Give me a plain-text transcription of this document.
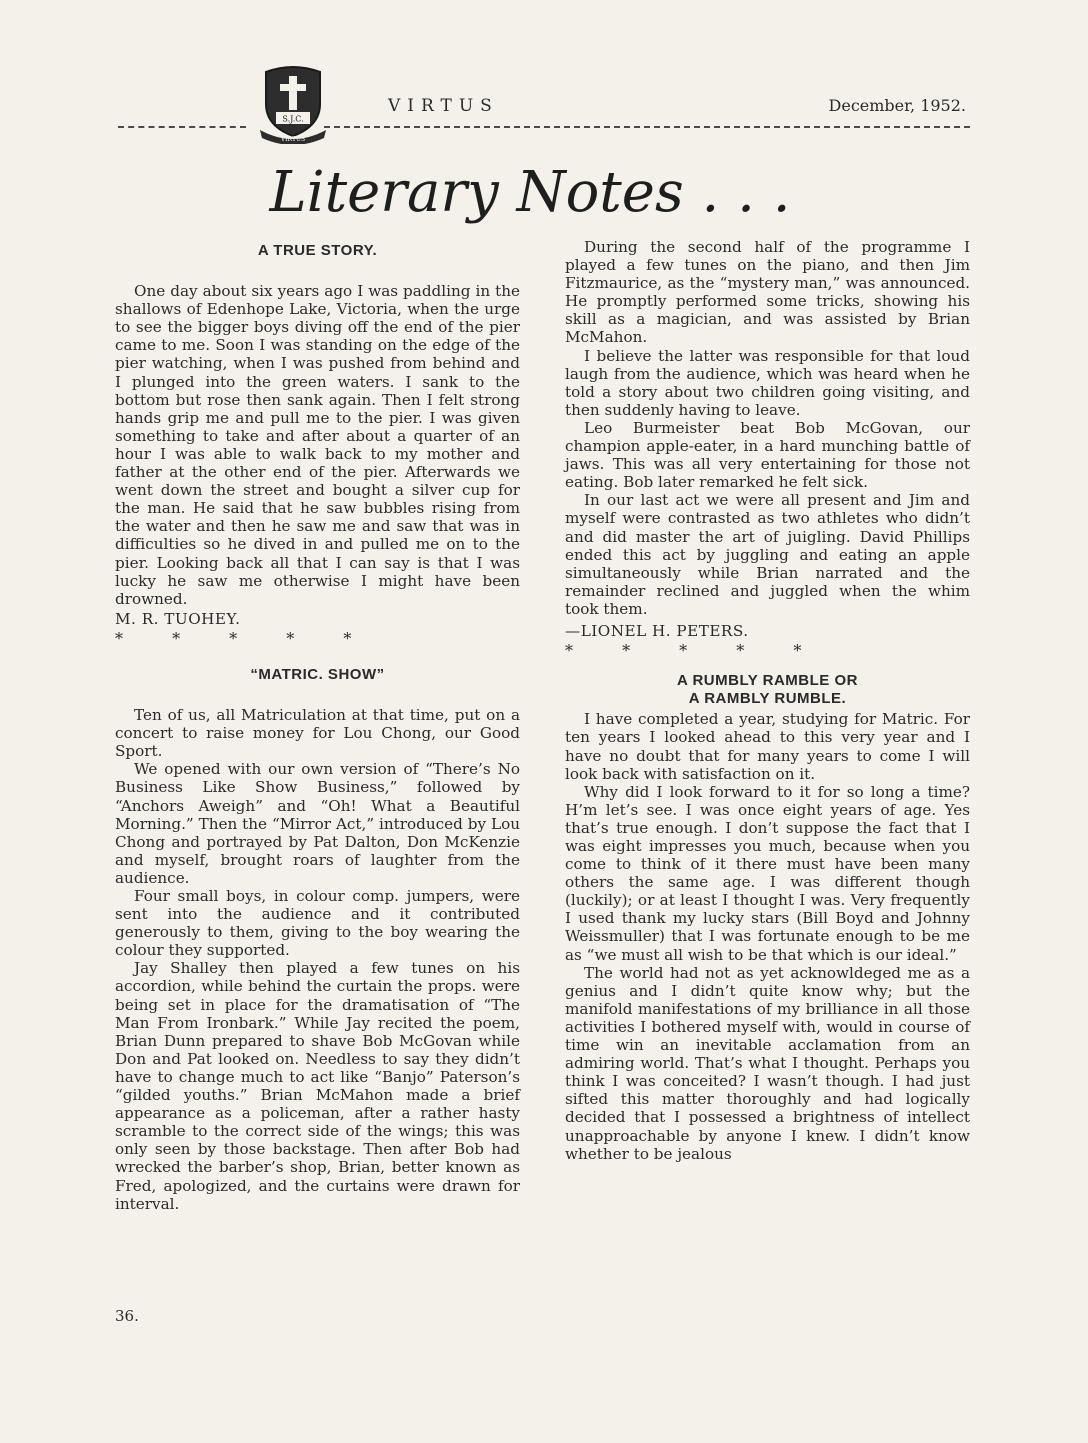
S.J.C.
VIRTUS
VIRTUS	December, 1952.
Literary Notes . . .
A TRUE STORY.

One day about six years ago I was paddling in the shallows of Edenhope Lake, Victoria, when the urge to see the bigger boys diving off the end of the pier came to me. Soon I was standing on the edge of the pier watching, when I was pushed from behind and I plunged into the green waters. I sank to the bottom but rose then sank again. Then I felt strong hands grip me and pull me to the pier. I was given something to take and after about a quarter of an hour I was able to walk back to my mother and father at the other end of the pier. Afterwards we went down the street and bought a silver cup for the man. He said that he saw bubbles rising from the water and then he saw me and saw that was in difficulties so he dived in and pulled me on to the pier. Looking back all that I can say is that I was lucky he saw me otherwise I might have been drowned.

M. R. TUOHEY.

* * * * *

“MATRIC. SHOW”

Ten of us, all Matriculation at that time, put on a concert to raise money for Lou Chong, our Good Sport.

We opened with our own version of “There’s No Business Like Show Business,” followed by “Anchors Aweigh” and “Oh! What a Beautiful Morning.” Then the “Mirror Act,” introduced by Lou Chong and portrayed by Pat Dalton, Don McKenzie and myself, brought roars of laughter from the audience.

Four small boys, in colour comp. jumpers, were sent into the audience and it contributed generously to them, giving to the boy wearing the colour they supported.

Jay Shalley then played a few tunes on his accordion, while behind the curtain the props. were being set in place for the dramatisation of “The Man From Ironbark.” While Jay recited the poem, Brian Dunn prepared to shave Bob McGovan while Don and Pat looked on. Needless to say they didn’t have to change much to act like “Banjo” Paterson’s “gilded youths.” Brian McMahon made a brief appearance as a policeman, after a rather hasty scramble to the correct side of the wings; this was only seen by those backstage. Then after Bob had wrecked the barber’s shop, Brian, better known as Fred, apologized, and the curtains were drawn for interval.

During the second half of the programme I played a few tunes on the piano, and then Jim Fitzmaurice, as the “mystery man,” was announced. He promptly performed some tricks, showing his skill as a magician, and was assisted by Brian McMahon.

I believe the latter was responsible for that loud laugh from the audience, which was heard when he told a story about two children going visiting, and then suddenly having to leave.

Leo Burmeister beat Bob McGovan, our champion apple-eater, in a hard munching battle of jaws. This was all very entertaining for those not eating. Bob later remarked he felt sick.

In our last act we were all present and Jim and myself were contrasted as two athletes who didn’t and did master the art of juigling. David Phillips ended this act by juggling and eating an apple simultaneously while Brian narrated and the remainder reclined and juggled when the whim took them.

—LIONEL H. PETERS.

* * * * *

A RUMBLY RAMBLE OR
A RAMBLY RUMBLE.

I have completed a year, studying for Matric. For ten years I looked ahead to this very year and I have no doubt that for many years to come I will look back with satisfaction on it.

Why did I look forward to it for so long a time? H’m let’s see. I was once eight years of age. Yes that’s true enough. I don’t suppose the fact that I was eight impresses you much, because when you come to think of it there must have been many others the same age. I was different though (luckily); or at least I thought I was. Very frequently I used thank my lucky stars (Bill Boyd and Johnny Weissmuller) that I was fortunate enough to be me as “we must all wish to be that which is our ideal.”

The world had not as yet acknowldeged me as a genius and I didn’t quite know why; but the manifold manifestations of my brilliance in all those activities I bothered myself with, would in course of time win an inevitable acclamation from an admiring world. That’s what I thought. Perhaps you think I was conceited? I wasn’t though. I had just sifted this matter thoroughly and had logically decided that I possessed a brightness of intellect unapproachable by anyone I knew. I didn’t know whether to be jealous

36.
